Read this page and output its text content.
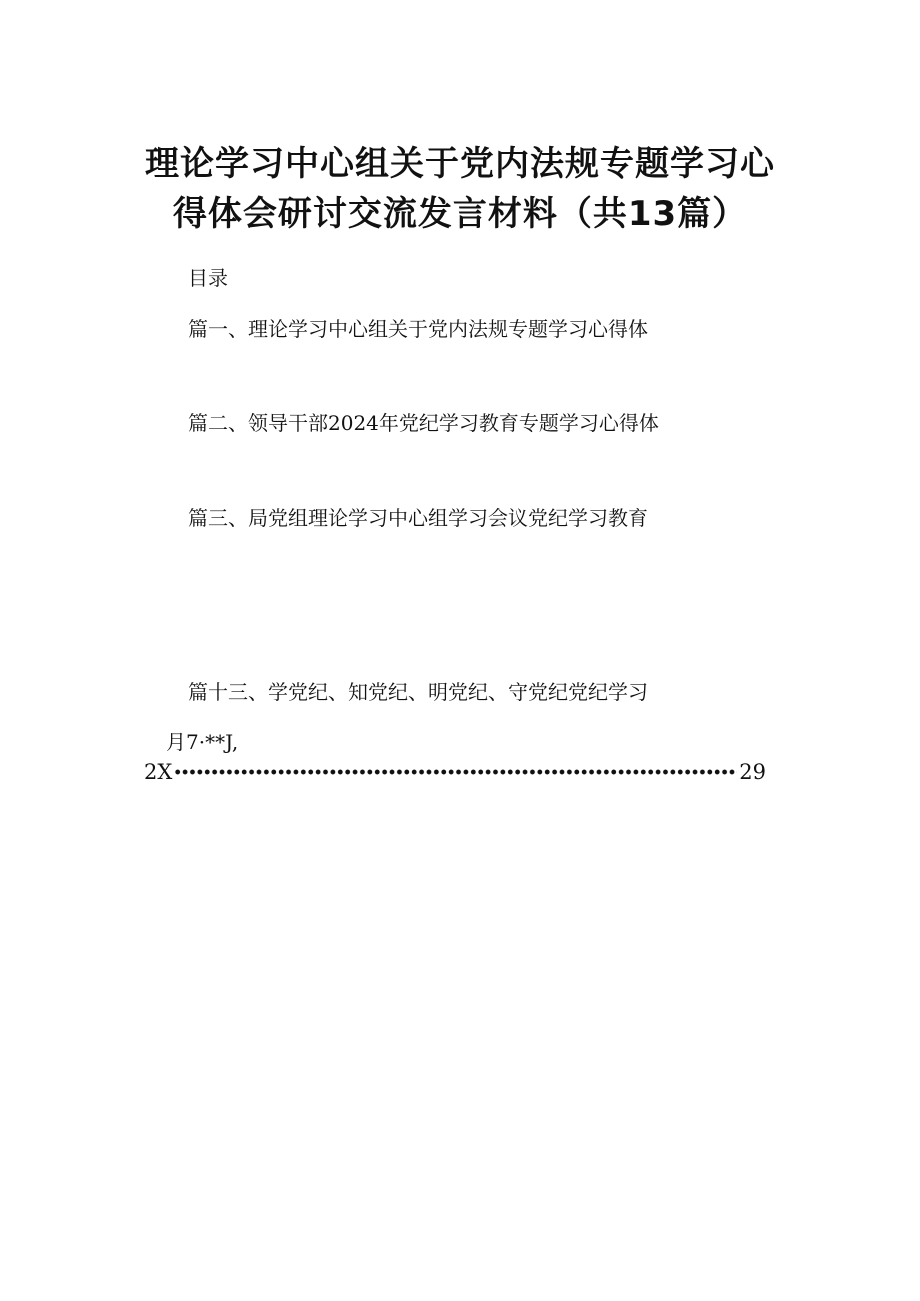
理论学习中心组关于党内法规专题学习心
得体会研讨交流发言材料（共13篇）
目录
篇一、理论学习中心组关于党内法规专题学习心得体
篇二、领导干部2024年党纪学习教育专题学习心得体
篇三、局党组理论学习中心组学习会议党纪学习教育
篇十三、学党纪、知党纪、明党纪、守党纪党纪学习
月7·**J,
2X	29
